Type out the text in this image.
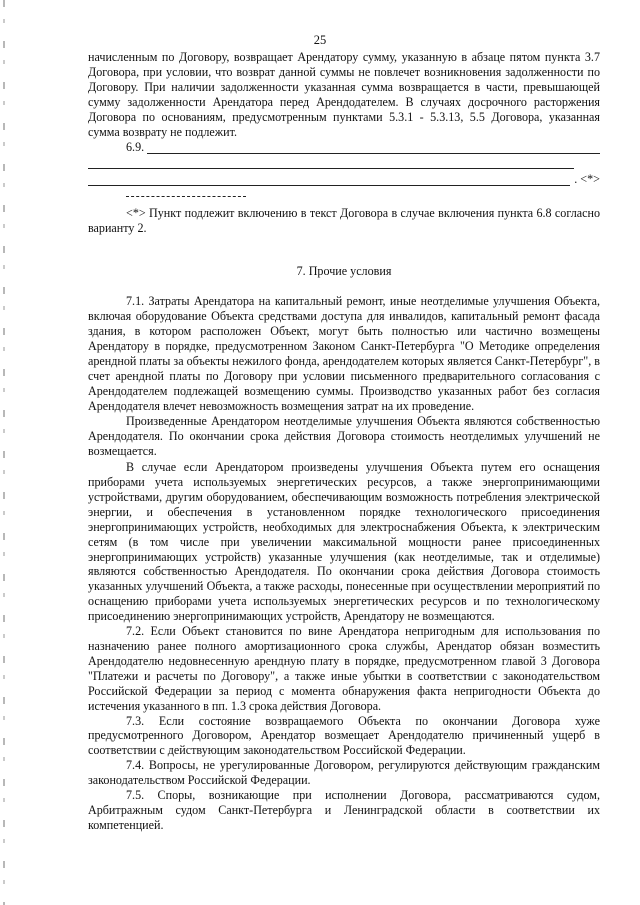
25

начисленным по Договору, возвращает Арендатору сумму, указанную в абзаце пятом пункта 3.7 Договора, при условии, что возврат данной суммы не повлечет возникновения задолженности по Договору. При наличии задолженности указанная сумма возвращается в части, превышающей сумму задолженности Арендатора перед Арендодателем. В случаях досрочного расторжения Договора по основаниям, предусмотренным пунктами 5.3.1 - 5.3.13, 5.5 Договора, указанная сумма возврату не подлежит.

6.9.
. <*>

<*> Пункт подлежит включению в текст Договора в случае включения пункта 6.8 согласно варианту 2.

7. Прочие условия

7.1. Затраты Арендатора на капитальный ремонт, иные неотделимые улучшения Объекта, включая оборудование Объекта средствами доступа для инвалидов, капитальный ремонт фасада здания, в котором расположен Объект, могут быть полностью или частично возмещены Арендатору в порядке, предусмотренном Законом Санкт-Петербурга "О Методике определения арендной платы за объекты нежилого фонда, арендодателем которых является Санкт-Петербург", в счет арендной платы по Договору при условии письменного предварительного согласования с Арендодателем подлежащей возмещению суммы. Производство указанных работ без согласия Арендодателя влечет невозможность возмещения затрат на их проведение.

Произведенные Арендатором неотделимые улучшения Объекта являются собственностью Арендодателя. По окончании срока действия Договора стоимость неотделимых улучшений не возмещается.

В случае если Арендатором произведены улучшения Объекта путем его оснащения приборами учета используемых энергетических ресурсов, а также энергопринимающими устройствами, другим оборудованием, обеспечивающим возможность потребления электрической энергии, и обеспечения в установленном порядке технологического присоединения энергопринимающих устройств, необходимых для электроснабжения Объекта, к электрическим сетям (в том числе при увеличении максимальной мощности ранее присоединенных энергопринимающих устройств) указанные улучшения (как неотделимые, так и отделимые) являются собственностью Арендодателя. По окончании срока действия Договора стоимость указанных улучшений Объекта, а также расходы, понесенные при осуществлении мероприятий по оснащению приборами учета используемых энергетических ресурсов и по технологическому присоединению энергопринимающих устройств, Арендатору не возмещаются.

7.2. Если Объект становится по вине Арендатора непригодным для использования по назначению ранее полного амортизационного срока службы, Арендатор обязан возместить Арендодателю недовнесенную арендную плату в порядке, предусмотренном главой 3 Договора "Платежи и расчеты по Договору", а также иные убытки в соответствии с законодательством Российской Федерации за период с момента обнаружения факта непригодности Объекта до истечения указанного в пп. 1.3 срока действия Договора.

7.3. Если состояние возвращаемого Объекта по окончании Договора хуже предусмотренного Договором, Арендатор возмещает Арендодателю причиненный ущерб в соответствии с действующим законодательством Российской Федерации.

7.4. Вопросы, не урегулированные Договором, регулируются действующим гражданским законодательством Российской Федерации.

7.5. Споры, возникающие при исполнении Договора, рассматриваются судом, Арбитражным судом Санкт-Петербурга и Ленинградской области в соответствии их компетенцией.
